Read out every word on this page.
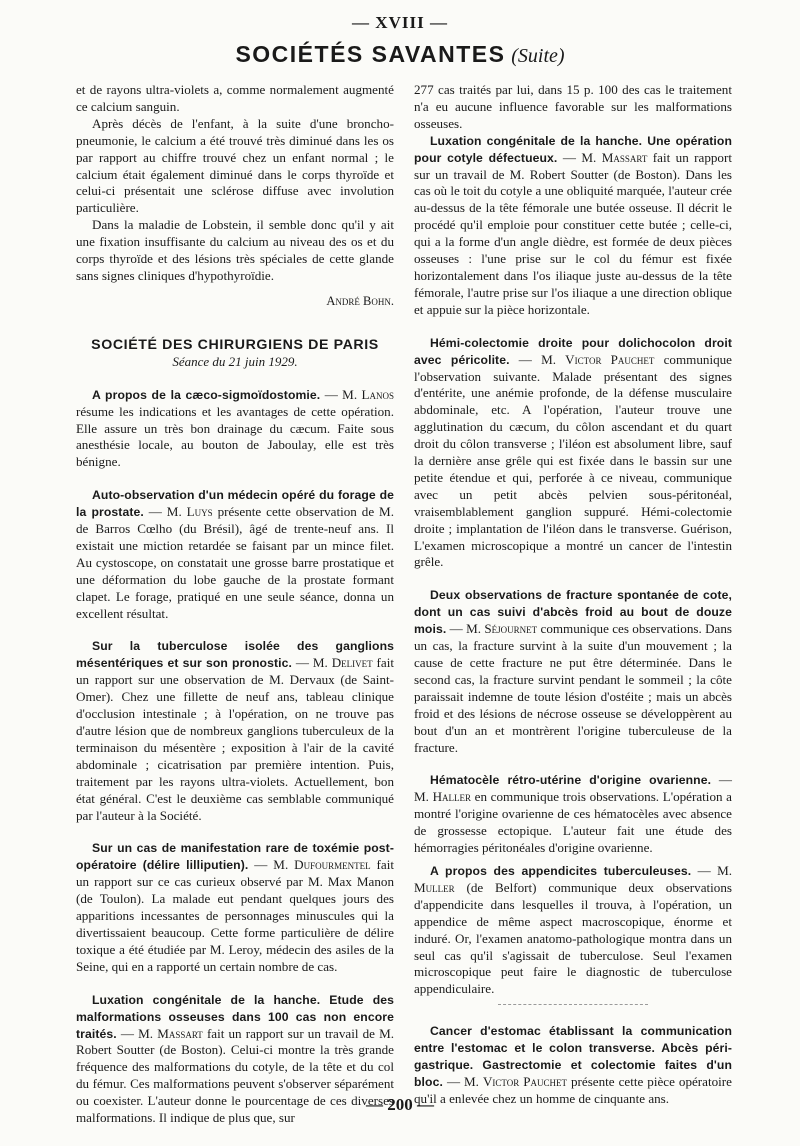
— XVIII —
SOCIÉTÉS SAVANTES (Suite)

et de rayons ultra-violets a, comme normalement augmenté ce calcium sanguin.

Après décès de l'enfant, à la suite d'une broncho-pneumonie, le calcium a été trouvé très diminué dans les os par rapport au chiffre trouvé chez un enfant normal ; le calcium était également diminué dans le corps thyroïde et celui-ci présentait une sclérose diffuse avec involution particulière.

Dans la maladie de Lobstein, il semble donc qu'il y ait une fixation insuffisante du calcium au niveau des os et du corps thyroïde et des lésions très spéciales de cette glande sans signes cliniques d'hypothyroïdie.

André Bohn.

SOCIÉTÉ DES CHIRURGIENS DE PARIS

Séance du 21 juin 1929.

A propos de la cæco-sigmoïdostomie. — M. Lanos résume les indications et les avantages de cette opération. Elle assure un très bon drainage du cæcum. Faite sous anesthésie locale, au bouton de Jaboulay, elle est très bénigne.

Auto-observation d'un médecin opéré du forage de la prostate. — M. Luys présente cette observation de M. de Barros Cœlho (du Brésil), âgé de trente-neuf ans. Il existait une miction retardée se faisant par un mince filet. Au cystoscope, on constatait une grosse barre prostatique et une déformation du lobe gauche de la prostate formant clapet. Le forage, pratiqué en une seule séance, donna un excellent résultat.

Sur la tuberculose isolée des ganglions mésentériques et sur son pronostic. — M. Delivet fait un rapport sur une observation de M. Dervaux (de Saint-Omer). Chez une fillette de neuf ans, tableau clinique d'occlusion intestinale ; à l'opération, on ne trouve pas d'autre lésion que de nombreux ganglions tuberculeux de la terminaison du mésentère ; exposition à l'air de la cavité abdominale ; cicatrisation par première intention. Puis, traitement par les rayons ultra-violets. Actuellement, bon état général. C'est le deuxième cas semblable communiqué par l'auteur à la Société.

Sur un cas de manifestation rare de toxémie post-opératoire (délire lilliputien). — M. Dufourmentel fait un rapport sur ce cas curieux observé par M. Max Manon (de Toulon). La malade eut pendant quelques jours des apparitions incessantes de personnages minuscules qui la divertissaient beaucoup. Cette forme particulière de délire toxique a été étudiée par M. Leroy, médecin des asiles de la Seine, qui en a rapporté un certain nombre de cas.

Luxation congénitale de la hanche. Etude des malformations osseuses dans 100 cas non encore traités. — M. Massart fait un rapport sur un travail de M. Robert Soutter (de Boston). Celui-ci montre la très grande fréquence des malformations du cotyle, de la tête et du col du fémur. Ces malformations peuvent s'observer séparément ou coexister. L'auteur donne le pourcentage de ces diverses malformations. Il indique de plus que, sur

277 cas traités par lui, dans 15 p. 100 des cas le traitement n'a eu aucune influence favorable sur les malformations osseuses.

Luxation congénitale de la hanche. Une opération pour cotyle défectueux. — M. Massart fait un rapport sur un travail de M. Robert Soutter (de Boston). Dans les cas où le toit du cotyle a une obliquité marquée, l'auteur crée au-dessus de la tête fémorale une butée osseuse. Il décrit le procédé qu'il emploie pour constituer cette butée ; celle-ci, qui a la forme d'un angle dièdre, est formée de deux pièces osseuses : l'une prise sur le col du fémur est fixée horizontalement dans l'os iliaque juste au-dessus de la tête fémorale, l'autre prise sur l'os iliaque a une direction oblique et appuie sur la pièce horizontale.

Hémi-colectomie droite pour dolichocolon droit avec péricolite. — M. Victor Pauchet communique l'observation suivante. Malade présentant des signes d'entérite, une anémie profonde, de la défense musculaire abdominale, etc. A l'opération, l'auteur trouve une agglutination du cæcum, du côlon ascendant et du quart droit du côlon transverse ; l'iléon est absolument libre, sauf la dernière anse grêle qui est fixée dans le bassin sur une petite étendue et qui, perforée à ce niveau, communique avec un petit abcès pelvien sous-péritonéal, vraisemblablement ganglion suppuré. Hémi-colectomie droite ; implantation de l'iléon dans le transverse. Guérison, L'examen microscopique a montré un cancer de l'intestin grêle.

Deux observations de fracture spontanée de cote, dont un cas suivi d'abcès froid au bout de douze mois. — M. Séjournet communique ces observations. Dans un cas, la fracture survint à la suite d'un mouvement ; la cause de cette fracture ne put être déterminée. Dans le second cas, la fracture survint pendant le sommeil ; la côte paraissait indemne de toute lésion d'ostéite ; mais un abcès froid et des lésions de nécrose osseuse se développèrent au bout d'un an et montrèrent l'origine tuberculeuse de la fracture.

Hématocèle rétro-utérine d'origine ovarienne. — M. Haller en communique trois observations. L'opération a montré l'origine ovarienne de ces hématocèles avec absence de grossesse ectopique. L'auteur fait une étude des hémorragies péritonéales d'origine ovarienne.

A propos des appendicites tuberculeuses. — M. Muller (de Belfort) communique deux observations d'appendicite dans lesquelles il trouva, à l'opération, un appendice de même aspect macroscopique, énorme et induré. Or, l'examen anatomo-pathologique montra dans un seul cas qu'il s'agissait de tuberculose. Seul l'examen microscopique peut faire le diagnostic de tuberculose appendiculaire.

Cancer d'estomac établissant la communication entre l'estomac et le colon transverse. Abcès péri-gastrique. Gastrectomie et colectomie faites d'un bloc. — M. Victor Pauchet présente cette pièce opératoire qu'il a enlevée chez un homme de cinquante ans.

— 200 —
